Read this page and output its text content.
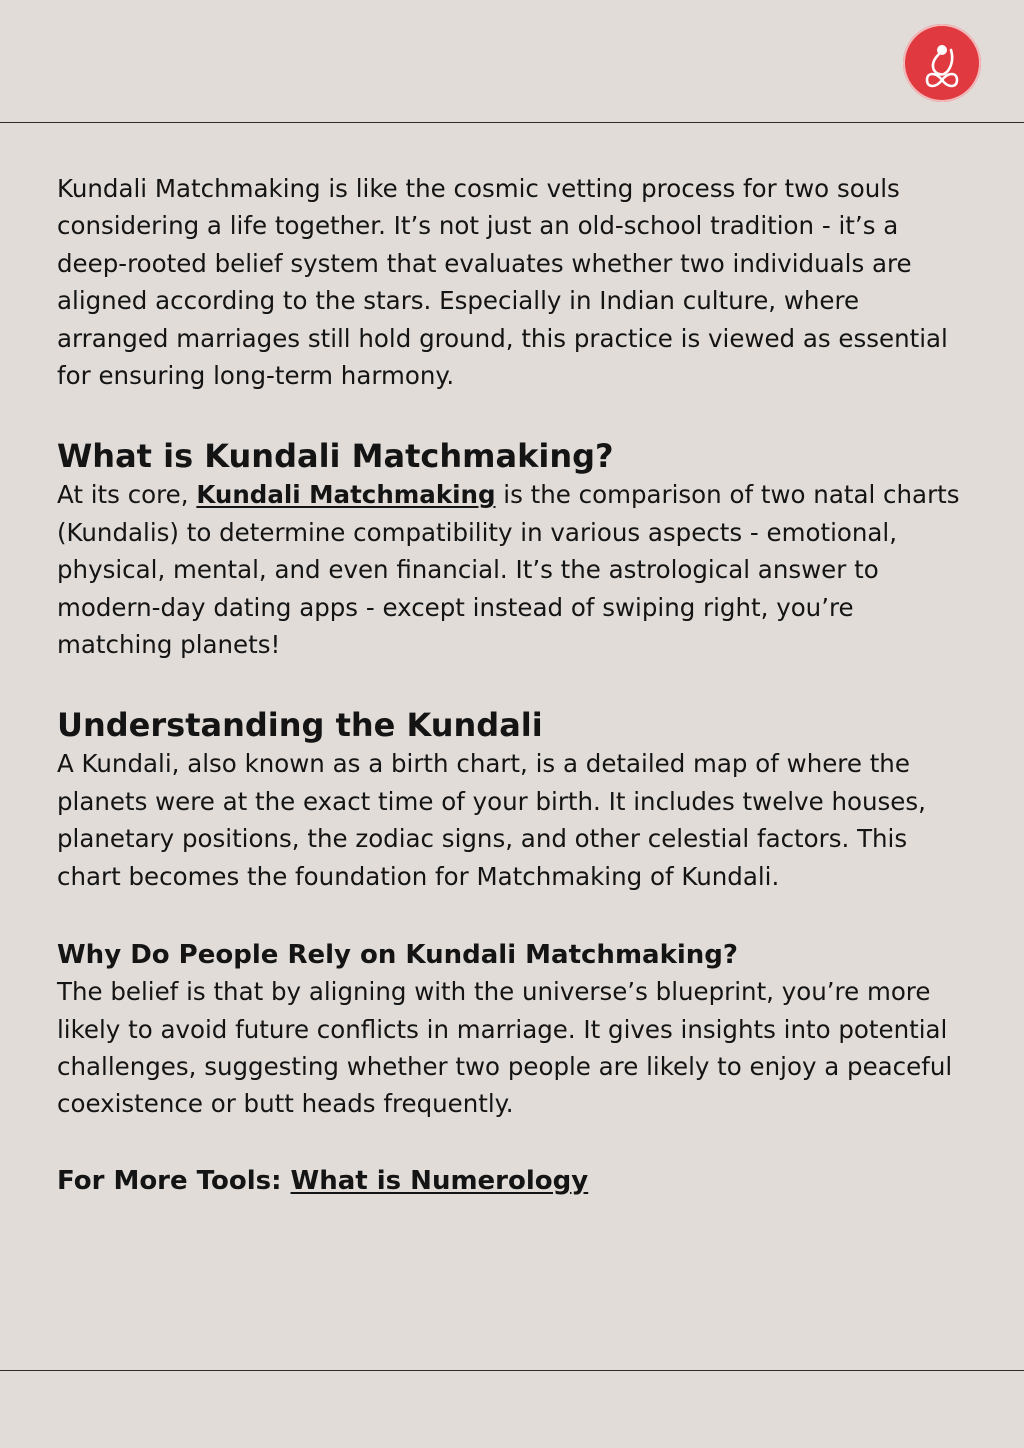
Kundali Matchmaking is like the cosmic vetting process for two souls considering a life together. It’s not just an old-school tradition - it’s a deep-rooted belief system that evaluates whether two individuals are aligned according to the stars. Especially in Indian culture, where arranged marriages still hold ground, this practice is viewed as essential for ensuring long-term harmony.

What is Kundali Matchmaking?

At its core, Kundali Matchmaking is the comparison of two natal charts (Kundalis) to determine compatibility in various aspects - emotional, physical, mental, and even financial. It’s the astrological answer to modern-day dating apps - except instead of swiping right, you’re matching planets!

Understanding the Kundali

A Kundali, also known as a birth chart, is a detailed map of where the planets were at the exact time of your birth. It includes twelve houses, planetary positions, the zodiac signs, and other celestial factors. This chart becomes the foundation for Matchmaking of Kundali.

Why Do People Rely on Kundali Matchmaking?

The belief is that by aligning with the universe’s blueprint, you’re more likely to avoid future conflicts in marriage. It gives insights into potential challenges, suggesting whether two people are likely to enjoy a peaceful coexistence or butt heads frequently.

For More Tools: What is Numerology
